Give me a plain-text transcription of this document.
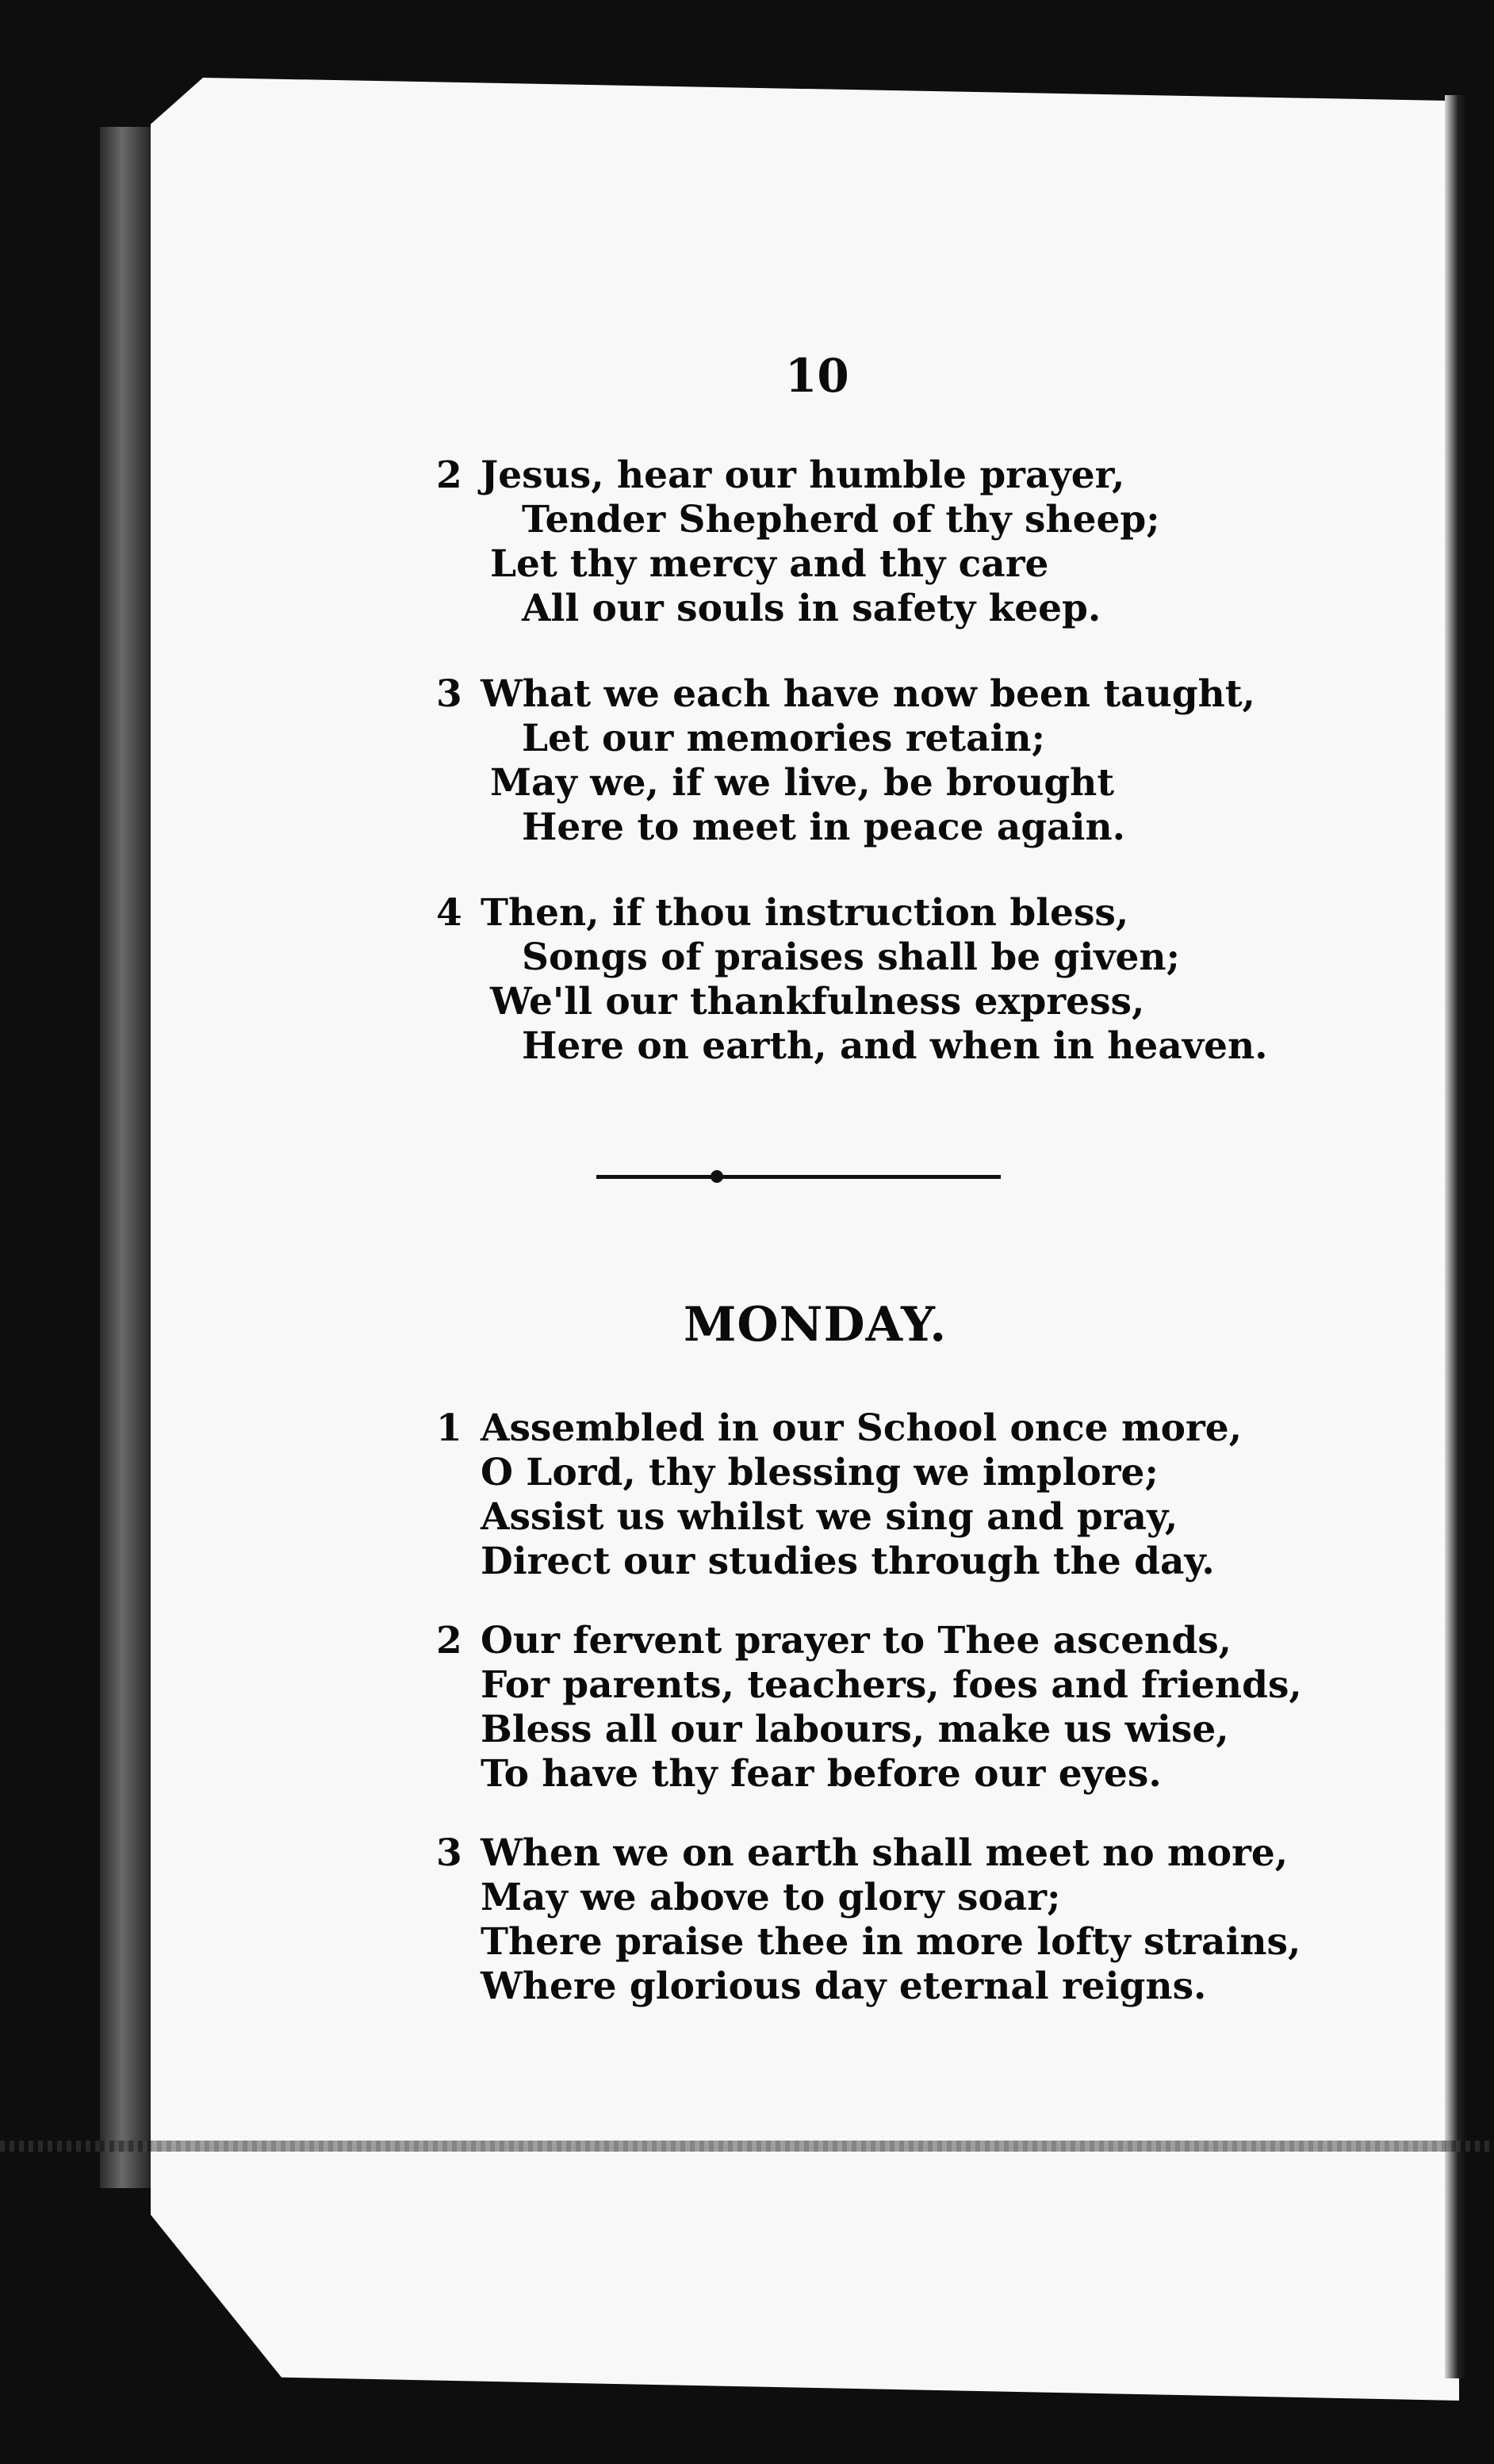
10
2 Jesus, hear our humble prayer,
Tender Shepherd of thy sheep;
Let thy mercy and thy care
All our souls in safety keep.
3 What we each have now been taught,
Let our memories retain;
May we, if we live, be brought
Here to meet in peace again.
4 Then, if thou instruction bless,
Songs of praises shall be given;
We'll our thankfulness express,
Here on earth, and when in heaven.
MONDAY.
1 Assembled in our School once more,
O Lord, thy blessing we implore;
Assist us whilst we sing and pray,
Direct our studies through the day.
2 Our fervent prayer to Thee ascends,
For parents, teachers, foes and friends,
Bless all our labours, make us wise,
To have thy fear before our eyes.
3 When we on earth shall meet no more,
May we above to glory soar;
There praise thee in more lofty strains,
Where glorious day eternal reigns.
